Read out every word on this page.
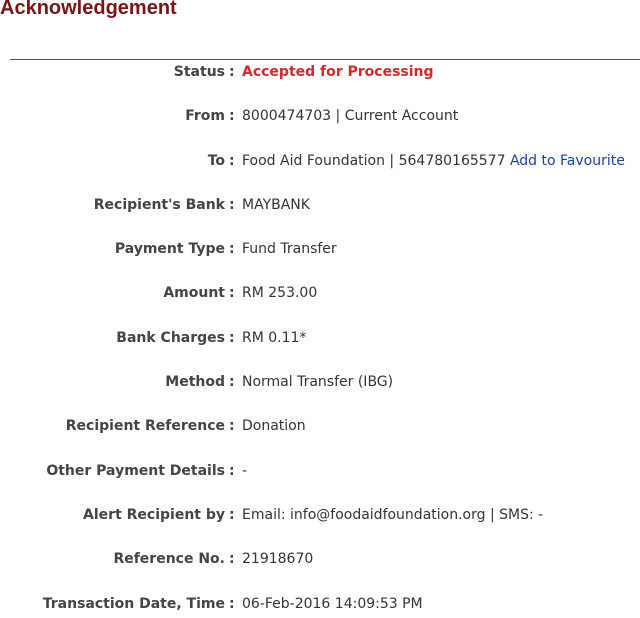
Acknowledgement
Status : Accepted for Processing
From : 8000474703 | Current Account
To : Food Aid Foundation | 564780165577 Add to Favourite
Recipient's Bank : MAYBANK
Payment Type : Fund Transfer
Amount : RM 253.00
Bank Charges : RM 0.11*
Method : Normal Transfer (IBG)
Recipient Reference : Donation
Other Payment Details : -
Alert Recipient by : Email: info@foodaidfoundation.org | SMS: -
Reference No. : 21918670
Transaction Date, Time : 06-Feb-2016 14:09:53 PM
